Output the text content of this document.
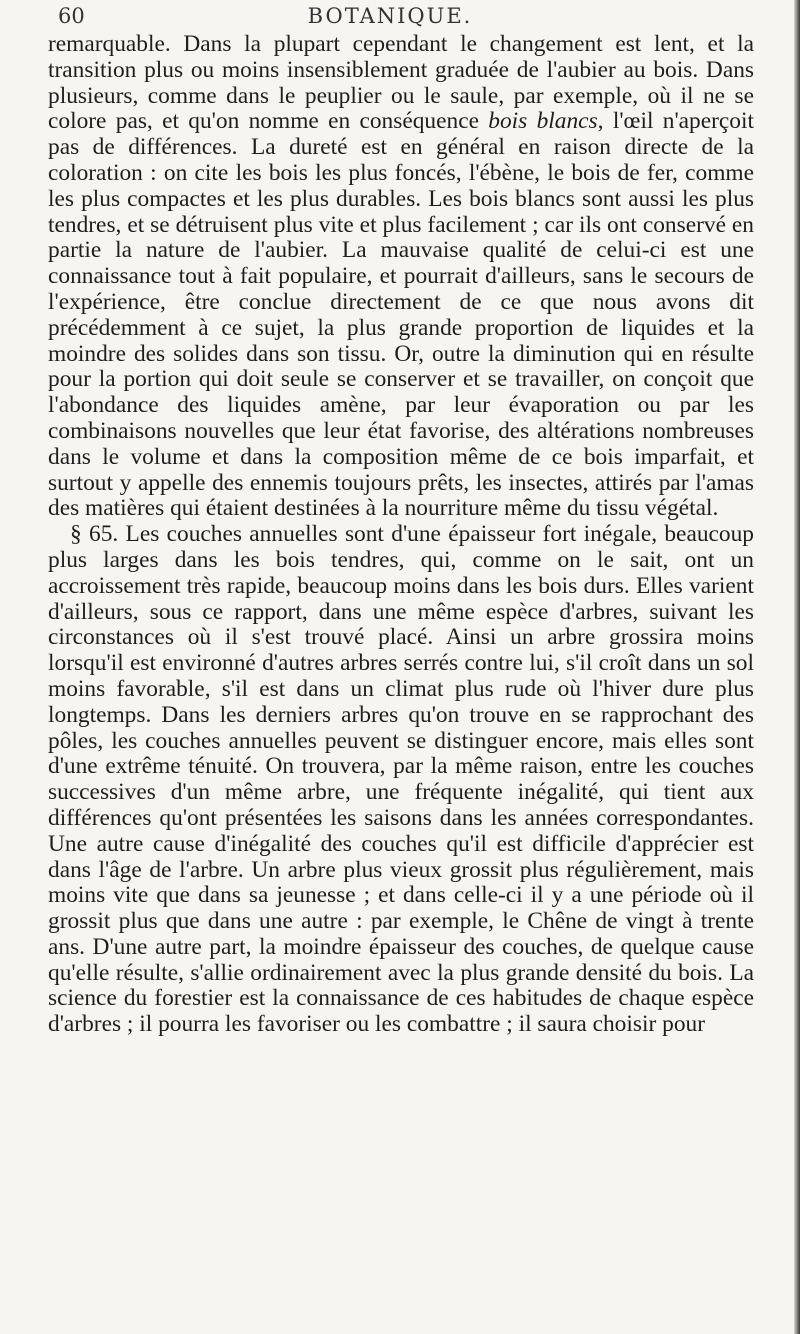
60	BOTANIQUE.

remarquable. Dans la plupart cependant le changement est lent, et la transition plus ou moins insensiblement graduée de l'aubier au bois. Dans plusieurs, comme dans le peuplier ou le saule, par exemple, où il ne se colore pas, et qu'on nomme en conséquence bois blancs, l'œil n'aperçoit pas de différences. La dureté est en général en raison directe de la coloration : on cite les bois les plus foncés, l'ébène, le bois de fer, comme les plus compactes et les plus durables. Les bois blancs sont aussi les plus tendres, et se détruisent plus vite et plus facilement ; car ils ont conservé en partie la nature de l'aubier. La mauvaise qualité de celui-ci est une connaissance tout à fait populaire, et pourrait d'ailleurs, sans le secours de l'expérience, être conclue directement de ce que nous avons dit précédemment à ce sujet, la plus grande proportion de liquides et la moindre des solides dans son tissu. Or, outre la diminution qui en résulte pour la portion qui doit seule se conserver et se travailler, on conçoit que l'abondance des liquides amène, par leur évaporation ou par les combinaisons nouvelles que leur état favorise, des altérations nombreuses dans le volume et dans la composition même de ce bois imparfait, et surtout y appelle des ennemis toujours prêts, les insectes, attirés par l'amas des matières qui étaient destinées à la nourriture même du tissu végétal.

§ 65. Les couches annuelles sont d'une épaisseur fort inégale, beaucoup plus larges dans les bois tendres, qui, comme on le sait, ont un accroissement très rapide, beaucoup moins dans les bois durs. Elles varient d'ailleurs, sous ce rapport, dans une même espèce d'arbres, suivant les circonstances où il s'est trouvé placé. Ainsi un arbre grossira moins lorsqu'il est environné d'autres arbres serrés contre lui, s'il croît dans un sol moins favorable, s'il est dans un climat plus rude où l'hiver dure plus longtemps. Dans les derniers arbres qu'on trouve en se rapprochant des pôles, les couches annuelles peuvent se distinguer encore, mais elles sont d'une extrême ténuité. On trouvera, par la même raison, entre les couches successives d'un même arbre, une fréquente inégalité, qui tient aux différences qu'ont présentées les saisons dans les années correspondantes. Une autre cause d'inégalité des couches qu'il est difficile d'apprécier est dans l'âge de l'arbre. Un arbre plus vieux grossit plus régulièrement, mais moins vite que dans sa jeunesse ; et dans celle-ci il y a une période où il grossit plus que dans une autre : par exemple, le Chêne de vingt à trente ans. D'une autre part, la moindre épaisseur des couches, de quelque cause qu'elle résulte, s'allie ordinairement avec la plus grande densité du bois. La science du forestier est la connaissance de ces habitudes de chaque espèce d'arbres ; il pourra les favoriser ou les combattre ; il saura choisir pour
